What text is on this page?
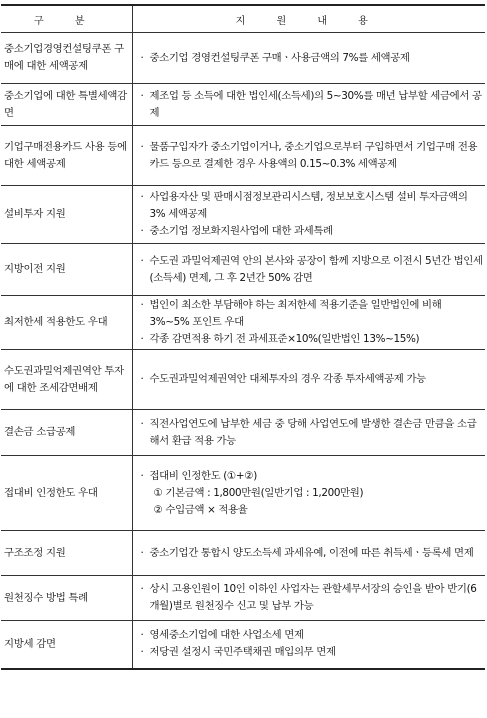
구 분	지 원 내 용
중소기업경영컨설팅쿠폰 구매에 대한 세액공제	· 중소기업 경영컨설팅쿠폰 구매ㆍ사용금액의 7%를 세액공제

중소기업에 대한 특별세액감면	· 제조업 등 소득에 대한 법인세(소득세)의 5∼30%를 매년 납부할 세금에서 공제

기업구매전용카드 사용 등에 대한 세액공제	· 물품구입자가 중소기업이거나, 중소기업으로부터 구입하면서 기업구매 전용카드 등으로 결제한 경우 사용액의 0.15∼0.3% 세액공제

설비투자 지원	· 사업용자산 및 판매시점정보관리시스템, 정보보호시스템 설비 투자금액의 3% 세액공제
· 중소기업 정보화지원사업에 대한 과세특례

지방이전 지원	· 수도권 과밀억제권역 안의 본사와 공장이 함께 지방으로 이전시 5년간 법인세(소득세) 면제, 그 후 2년간 50% 감면

최저한세 적용한도 우대	· 법인이 최소한 부담해야 하는 최저한세 적용기준을 일반법인에 비해 3%∼5% 포인트 우대
· 각종 감면적용 하기 전 과세표준×10%(일반법인 13%∼15%)

수도권과밀억제권역안 투자에 대한 조세감면배제	· 수도권과밀억제권역안 대체투자의 경우 각종 투자세액공제 가능

결손금 소급공제	· 직전사업연도에 납부한 세금 중 당해 사업연도에 발생한 결손금 만큼을 소급해서 환급 적용 가능

접대비 인정한도 우대	· 접대비 인정한도 (①+②)
① 기본금액 : 1,800만원(일반기업 : 1,200만원)
② 수입금액 × 적용율

구조조정 지원	· 중소기업간 통합시 양도소득세 과세유예, 이전에 따른 취득세ㆍ등록세 면제

원천징수 방법 특례	· 상시 고용인원이 10인 이하인 사업자는 관할세무서장의 승인을 받아 반기(6개월)별로 원천징수 신고 및 납부 가능

지방세 감면	· 영세중소기업에 대한 사업소세 면제
· 저당권 설정시 국민주택채권 매입의무 면제
